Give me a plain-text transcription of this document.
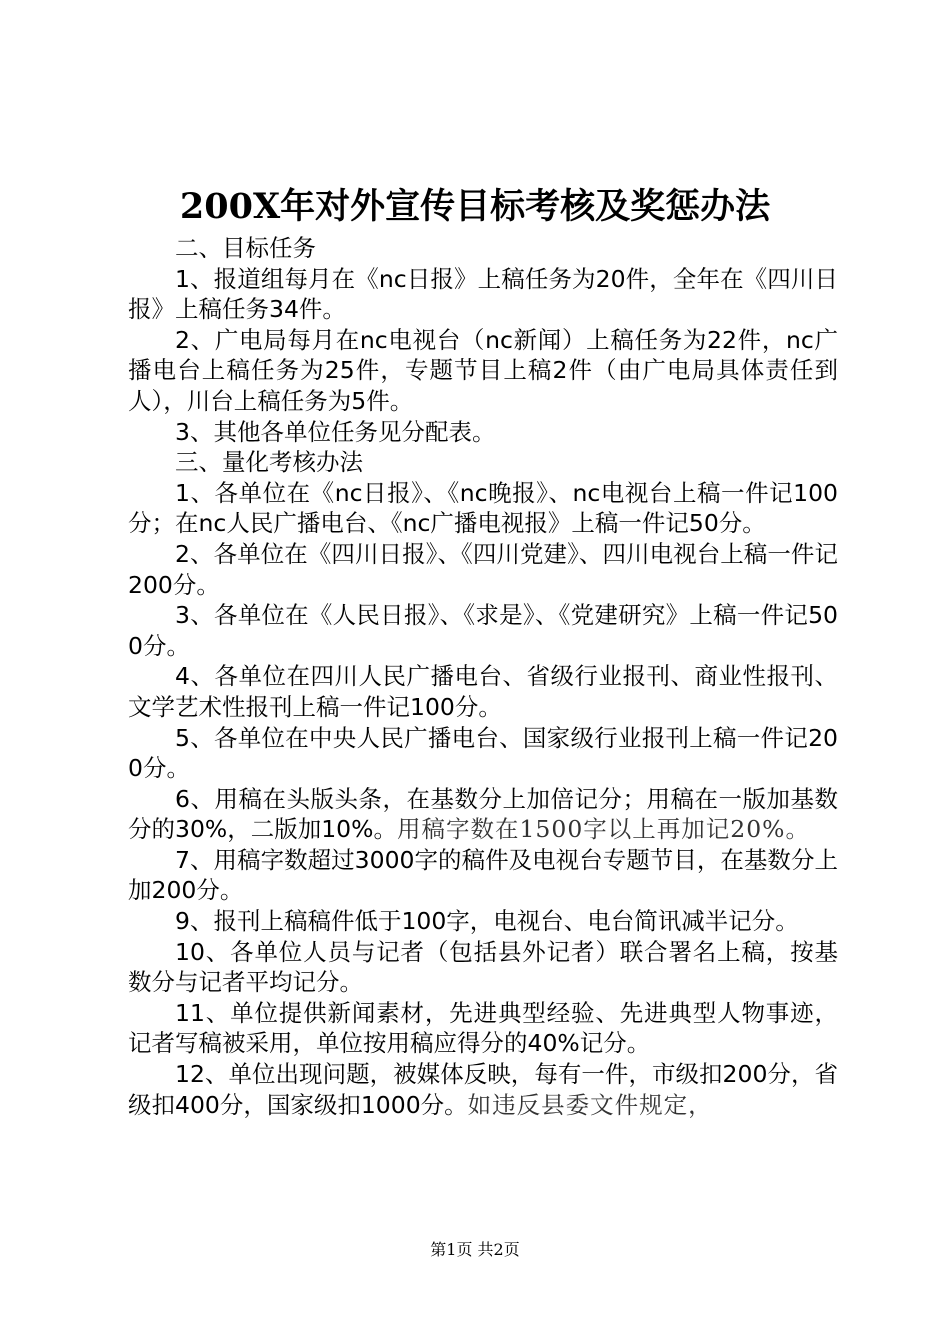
200X年对外宣传目标考核及奖惩办法

二、目标任务

1、报道组每月在《nc日报》上稿任务为20件，全年在《四川日报》上稿任务34件。

2、广电局每月在nc电视台（nc新闻）上稿任务为22件，nc广播电台上稿任务为25件，专题节目上稿2件（由广电局具体责任到人），川台上稿任务为5件。

3、其他各单位任务见分配表。

三、量化考核办法

1、各单位在《nc日报》、《nc晚报》、nc电视台上稿一件记100分；在nc人民广播电台、《nc广播电视报》上稿一件记50分。

2、各单位在《四川日报》、《四川党建》、四川电视台上稿一件记200分。

3、各单位在《人民日报》、《求是》、《党建研究》上稿一件记500分。

4、各单位在四川人民广播电台、省级行业报刊、商业性报刊、文学艺术性报刊上稿一件记100分。

5、各单位在中央人民广播电台、国家级行业报刊上稿一件记200分。

6、用稿在头版头条，在基数分上加倍记分；用稿在一版加基数分的30%，二版加10%。用稿字数在1500字以上再加记20%。

7、用稿字数超过3000字的稿件及电视台专题节目，在基数分上加200分。

9、报刊上稿稿件低于100字，电视台、电台简讯减半记分。

10、各单位人员与记者（包括县外记者）联合署名上稿，按基数分与记者平均记分。

11、单位提供新闻素材，先进典型经验、先进典型人物事迹，记者写稿被采用，单位按用稿应得分的40%记分。

12、单位出现问题，被媒体反映，每有一件，市级扣200分，省级扣400分，国家级扣1000分。如违反县委文件规定，

第1页 共2页
